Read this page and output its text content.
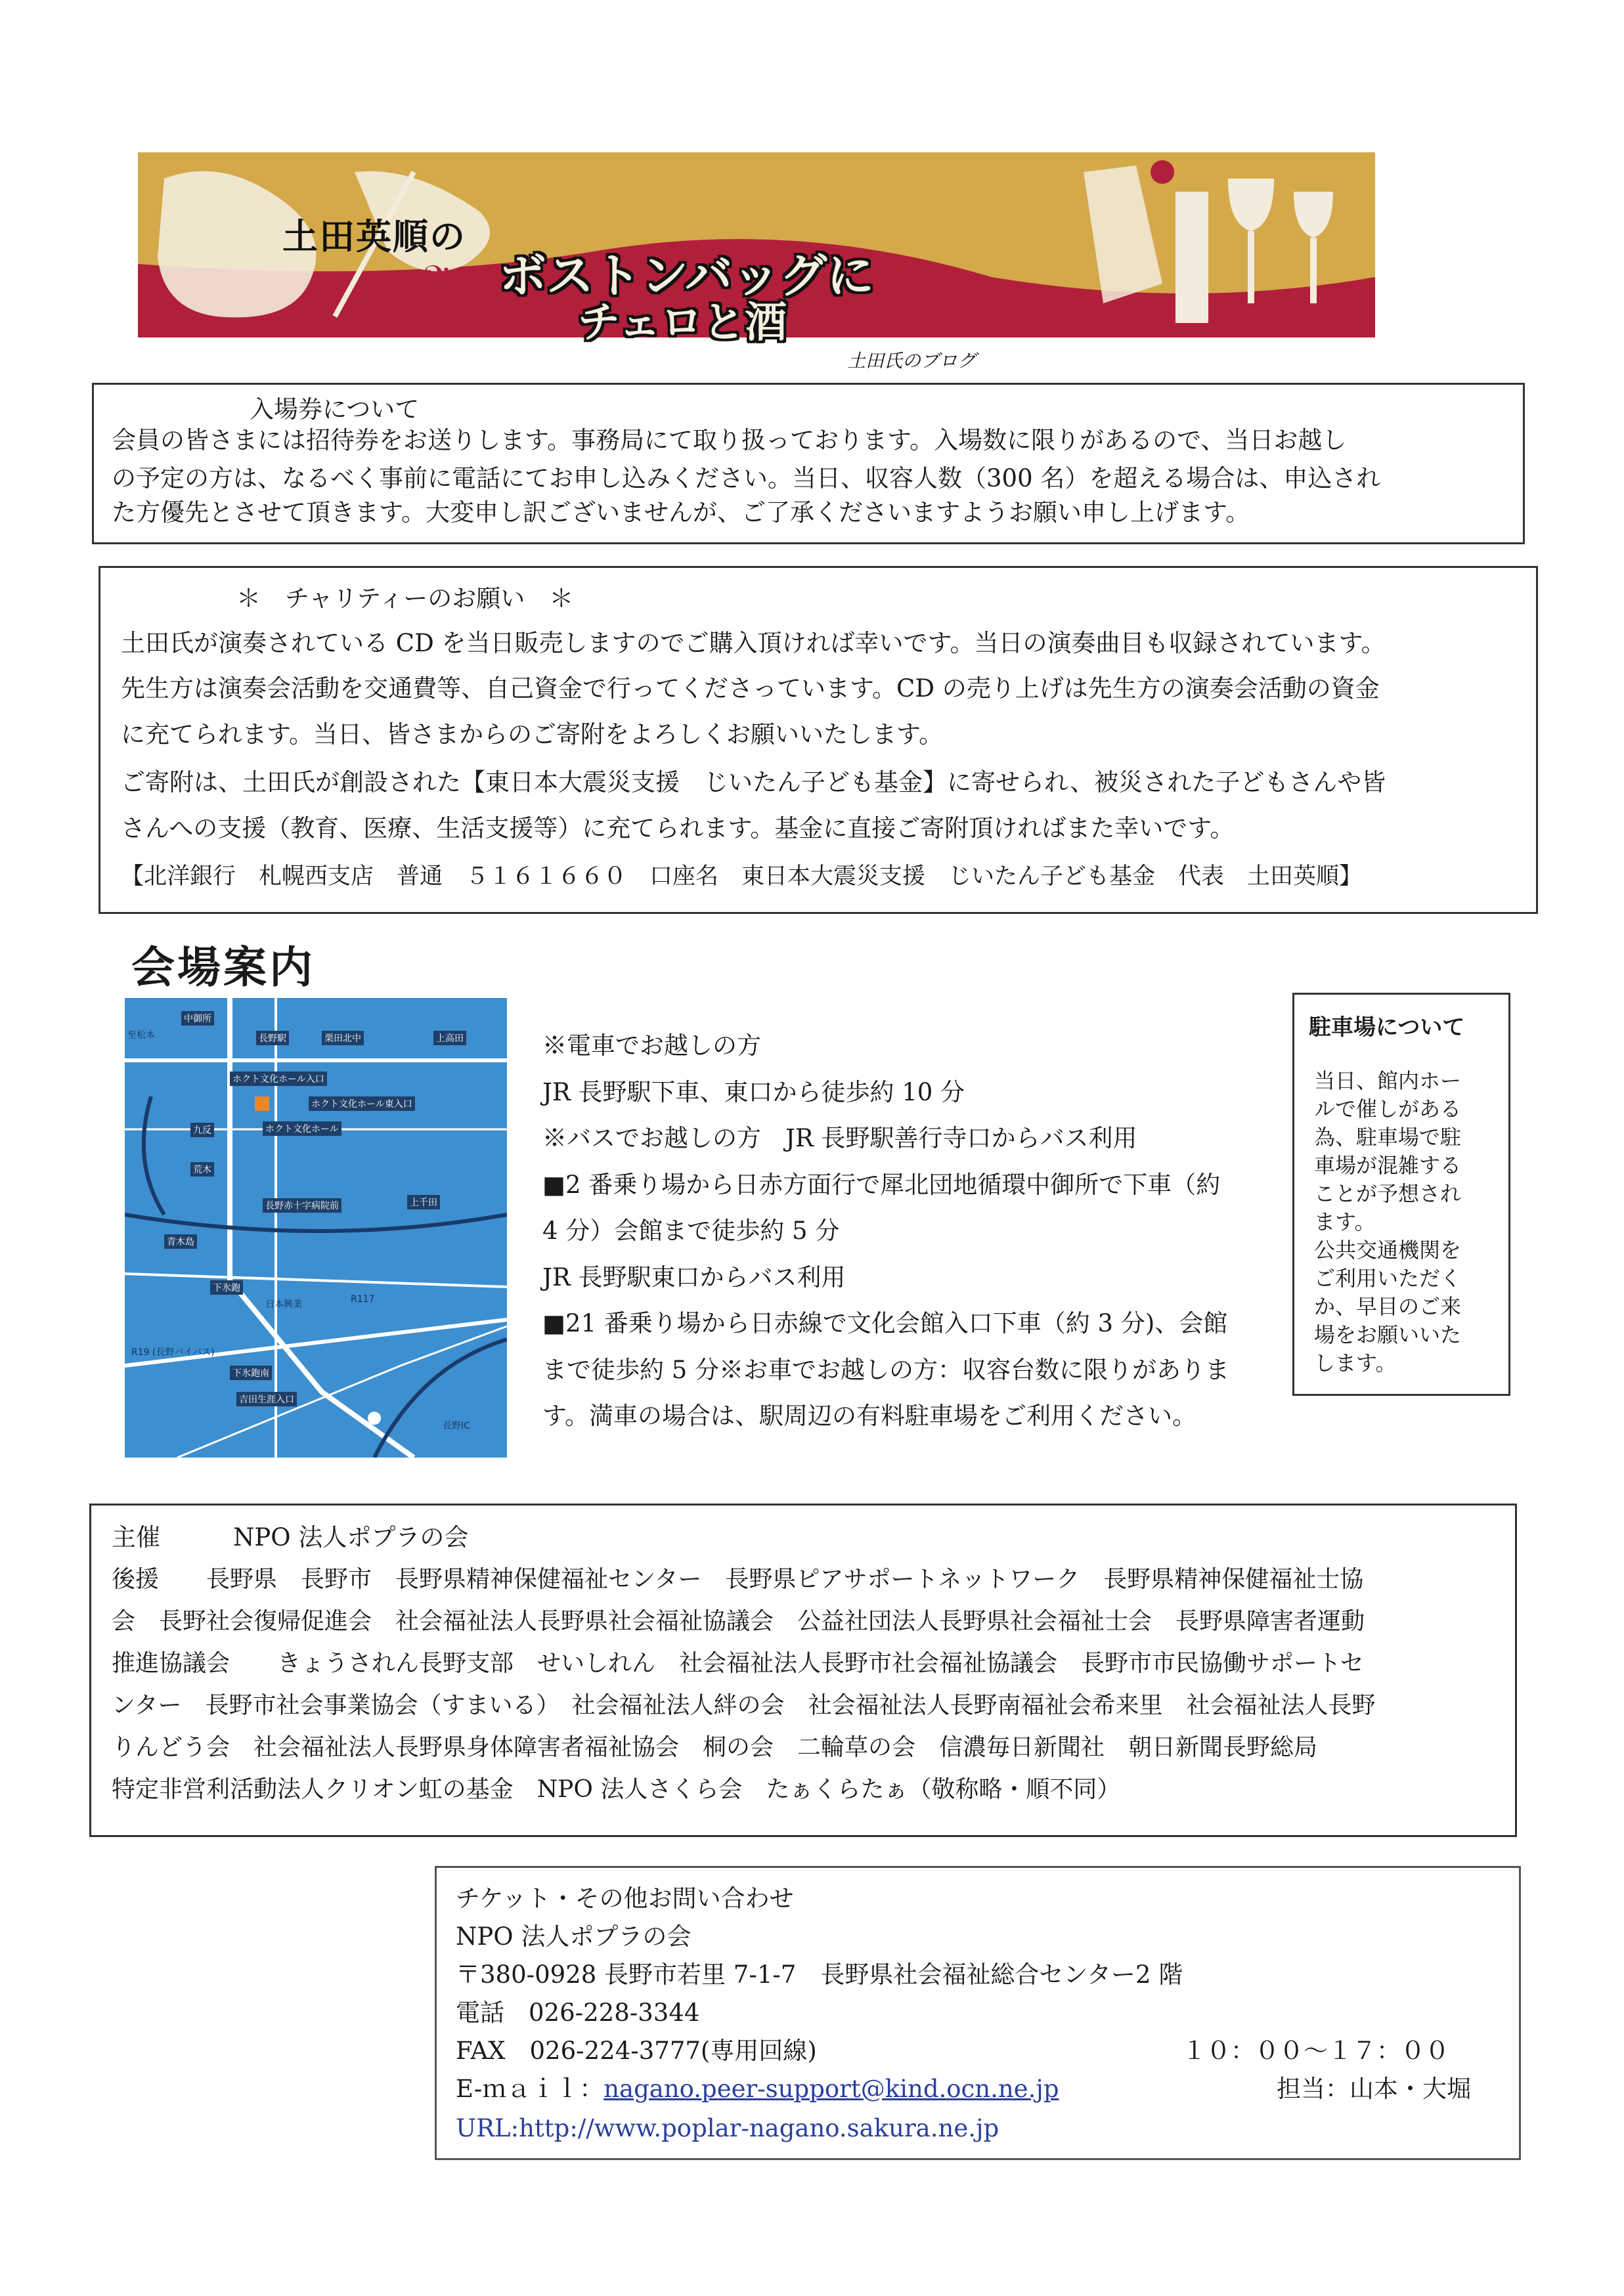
𝄢
土田英順の
ボストンバッグに
チェロと酒
土田氏のブログ
入場券について
会員の皆さまには招待券をお送りします。事務局にて取り扱っております。入場数に限りがあるので、当日お越し
の予定の方は、なるべく事前に電話にてお申し込みください。当日、収容人数（300 名）を超える場合は、申込され
た方優先とさせて頂きます。大変申し訳ございませんが、ご了承くださいますようお願い申し上げます。
＊　チャリティーのお願い　＊
土田氏が演奏されている CD を当日販売しますのでご購入頂ければ幸いです。当日の演奏曲目も収録されています。
先生方は演奏会活動を交通費等、自己資金で行ってくださっています。CD の売り上げは先生方の演奏会活動の資金
に充てられます。当日、皆さまからのご寄附をよろしくお願いいたします。
ご寄附は、土田氏が創設された【東日本大震災支援　じいたん子ども基金】に寄せられ、被災された子どもさんや皆
さんへの支援（教育、医療、生活支援等）に充てられます。基金に直接ご寄附頂ければまた幸いです。
【北洋銀行　札幌西支店　普通　５１６１６６０　口座名　東日本大震災支援　じいたん子ども基金　代表　土田英順】
会場案内
中御所
長野駅	栗田北中	上高田
至松本
ホクト文化ホール入口
ホクト文化ホール東入口
ホクト文化ホール
九反
荒木
上千田
長野赤十字病院前
青木島
下氷鉋
日本興業	R117
R19 (長野バイパス)
下氷鉋南
吉田生涯入口
長野IC
※電車でお越しの方
JR 長野駅下車、東口から徒歩約 10 分
※バスでお越しの方　JR 長野駅善行寺口からバス利用
■2 番乗り場から日赤方面行で犀北団地循環中御所で下車（約
4 分）会館まで徒歩約 5 分
JR 長野駅東口からバス利用
■21 番乗り場から日赤線で文化会館入口下車（約 3 分)、会館
まで徒歩約 5 分※お車でお越しの方：収容台数に限りがありま
す。満車の場合は、駅周辺の有料駐車場をご利用ください。
駐車場について
当日、館内ホー
ルで催しがある
為、駐車場で駐
車場が混雑する
ことが予想され
ます。
公共交通機関を
ご利用いただく
か、早目のご来
場をお願いいた
します。
主催　　　NPO 法人ポプラの会
後援　　長野県　長野市　長野県精神保健福祉センター　長野県ピアサポートネットワーク　長野県精神保健福祉士協
会　長野社会復帰促進会　社会福祉法人長野県社会福祉協議会　公益社団法人長野県社会福祉士会　長野県障害者運動
推進協議会　　きょうされん長野支部　せいしれん　社会福祉法人長野市社会福祉協議会　長野市市民協働サポートセ
ンター　長野市社会事業協会（すまいる）　社会福祉法人絆の会　社会福祉法人長野南福祉会希来里　社会福祉法人長野
りんどう会　社会福祉法人長野県身体障害者福祉協会　桐の会　二輪草の会　信濃毎日新聞社　朝日新聞長野総局
特定非営利活動法人クリオン虹の基金　NPO 法人さくら会　たぁくらたぁ（敬称略・順不同）
チケット・その他お問い合わせ
NPO 法人ポプラの会
〒380-0928 長野市若里 7-1-7　長野県社会福祉総合センター2 階
電話　026-228-3344
FAX　026-224-3777(専用回線)	１０：００～１７：００
E-ｍａｉｌ：nagano.peer-support@kind.ocn.ne.jp	担当：山本・大堀
URL:http://www.poplar-nagano.sakura.ne.jp
